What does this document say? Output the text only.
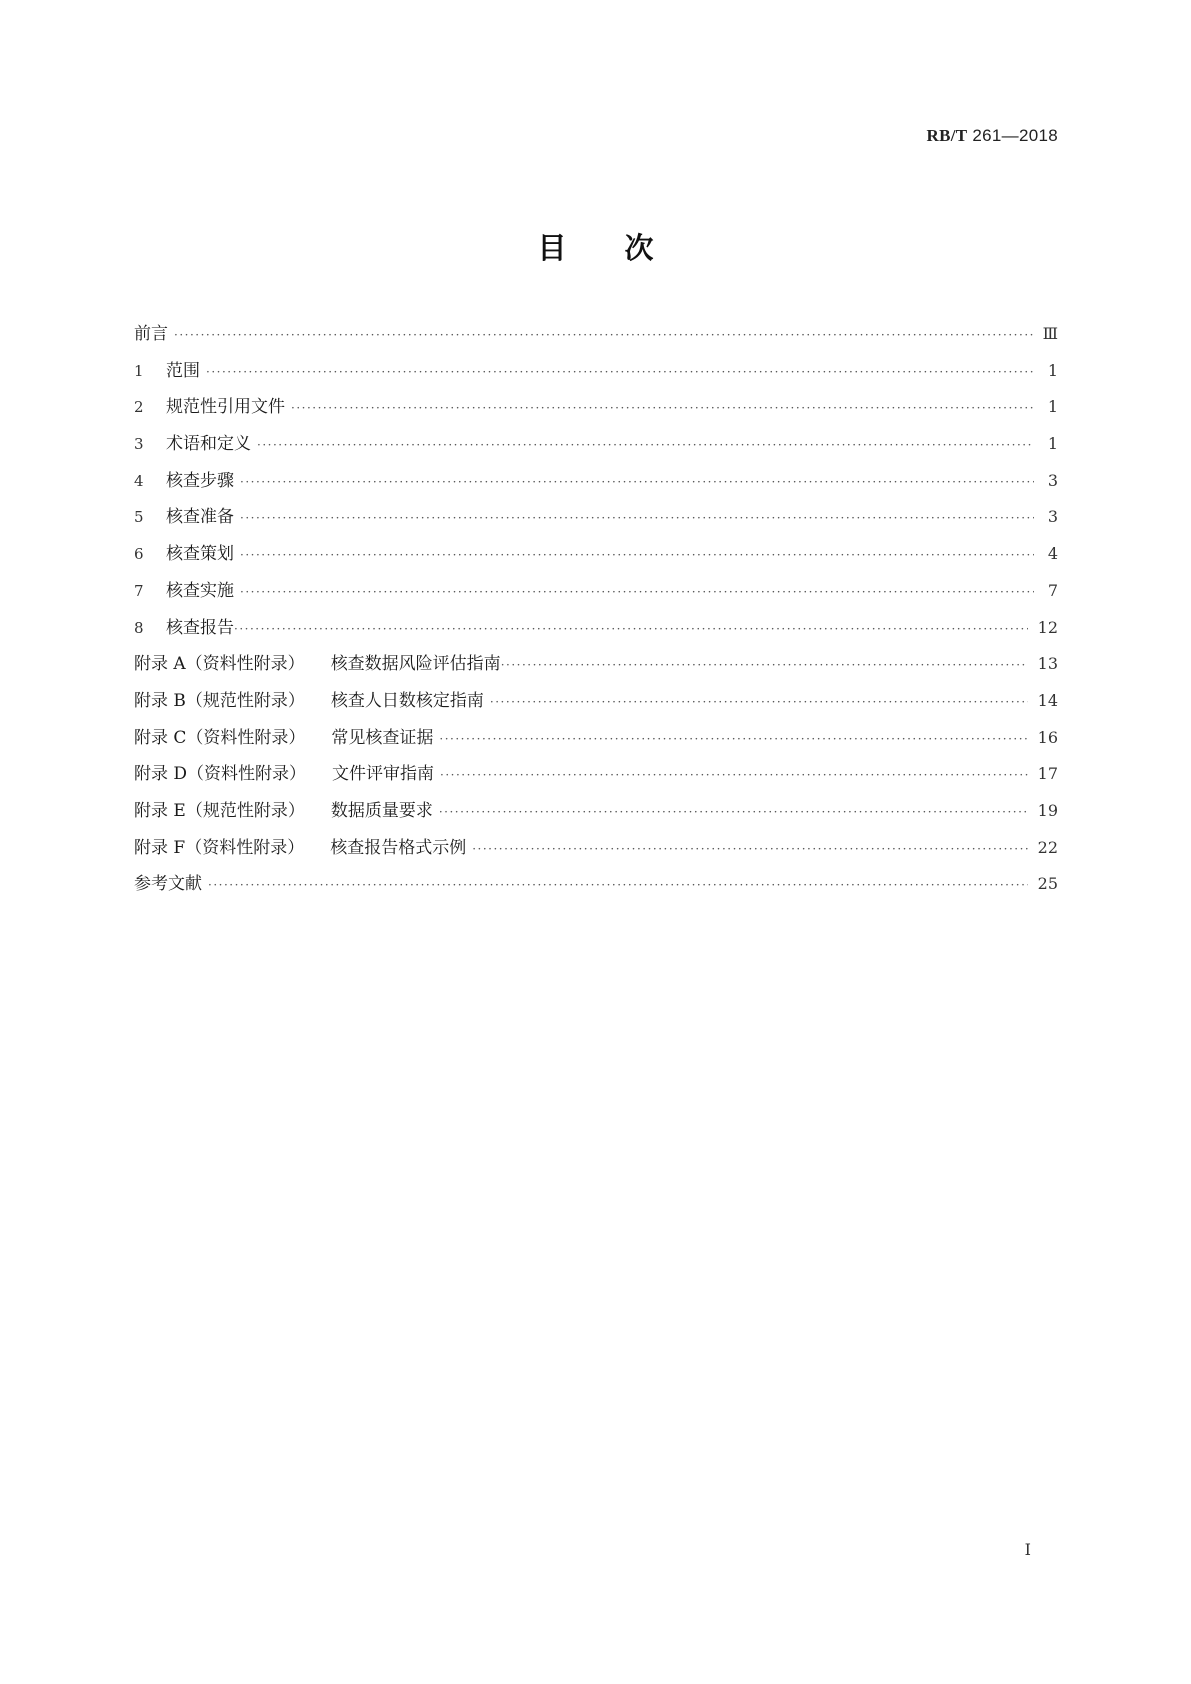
RB/T 261—2018
目次
前言 ·····	Ⅲ
1 范围 ·····	1
2 规范性引用文件 ·····	1
3 术语和定义 ·····	1
4 核查步骤 ·····	3
5 核查准备 ·····	3
6 核查策划 ·····	4
7 核查实施 ·····	7
8 核查报告 ·····	12
附录 A（资料性附录） 核查数据风险评估指南 ·····	13
附录 B（规范性附录） 核查人日数核定指南 ·····	14
附录 C（资料性附录） 常见核查证据 ·····	16
附录 D（资料性附录） 文件评审指南 ·····	17
附录 E（规范性附录） 数据质量要求 ·····	19
附录 F（资料性附录） 核查报告格式示例 ·····	22
参考文献 ·····	25
I
